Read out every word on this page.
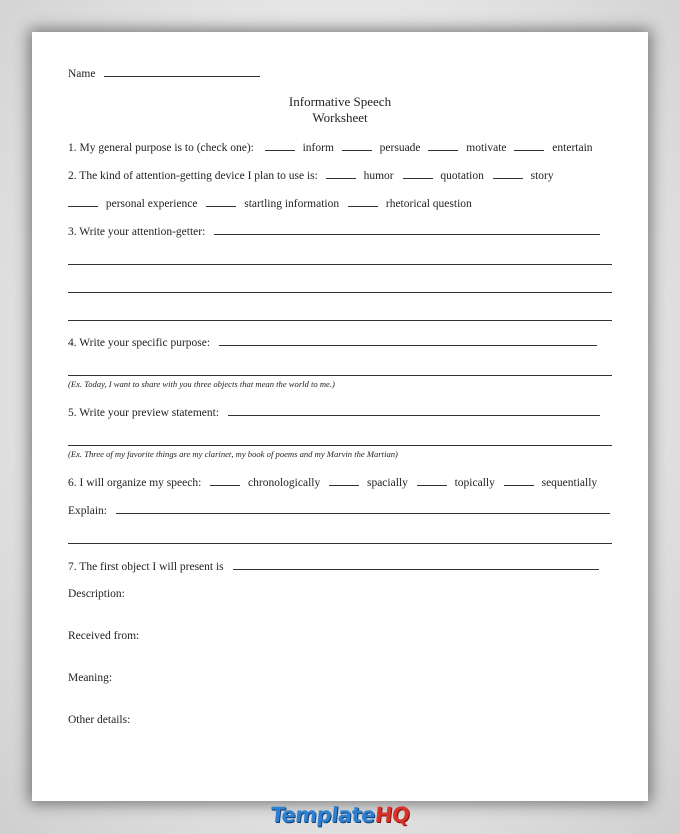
Name
Informative Speech
Worksheet
1. My general purpose is to (check one):	inform	persuade	motivate	entertain
2. The kind of attention-getting device I plan to use is:	humor	quotation	story
personal experience	startling information	rhetorical question
3. Write your attention-getter:
4. Write your specific purpose:
(Ex. Today, I want to share with you three objects that mean the world to me.)
5. Write your preview statement:
(Ex. Three of my favorite things are my clarinet, my book of poems and my Marvin the Martian)
6. I will organize my speech:	chronologically	spacially	topically	sequentially
Explain:
7. The first object I will present is
Description:
Received from:
Meaning:
Other details:
TemplateHQ
